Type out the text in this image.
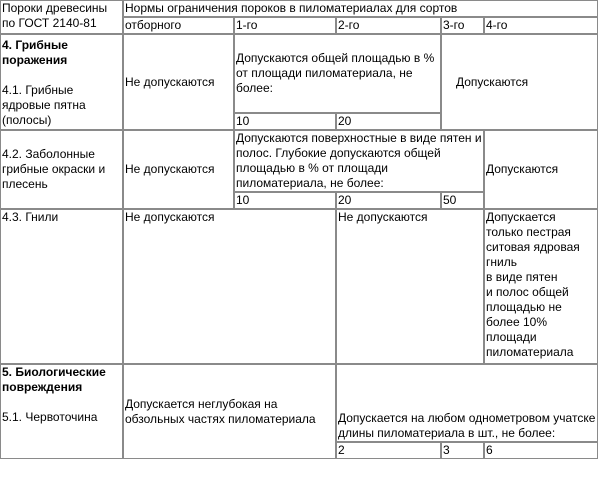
Пороки древесины по ГОСТ 2140-81	Нормы ограничения пороков в пиломатериалах для сортов				
	отборного	1-го	2-го	3-го	4-го
4. Грибные поражения
4.1. Грибные ядровые пятна (полосы)	Не допускаются	Допускаются общей площадью в % от площади пиломатериала, не более:		Допускаются	
		10	20		
4.2. Заболонные грибные окраски и плесень	Не допускаются	Допускаются поверхностные в виде пятен и полос. Глубокие допускаются общей площадью в % от площади пиломатериала, не более:			Допускаются
		10	20	50	
4.3. Гнили	Не допускаются		Не допускаются		Допускается только пестрая ситовая ядровая гниль
в виде пятен
и полос общей площадью не более 10% площади пиломатериала
5. Биологические повреждения
5.1. Червоточина	Допускается неглубокая на обзольных частях пиломатериала		Допускается на любом однометровом учатске длины пиломатериала в шт., не более:		
			2	3	6
